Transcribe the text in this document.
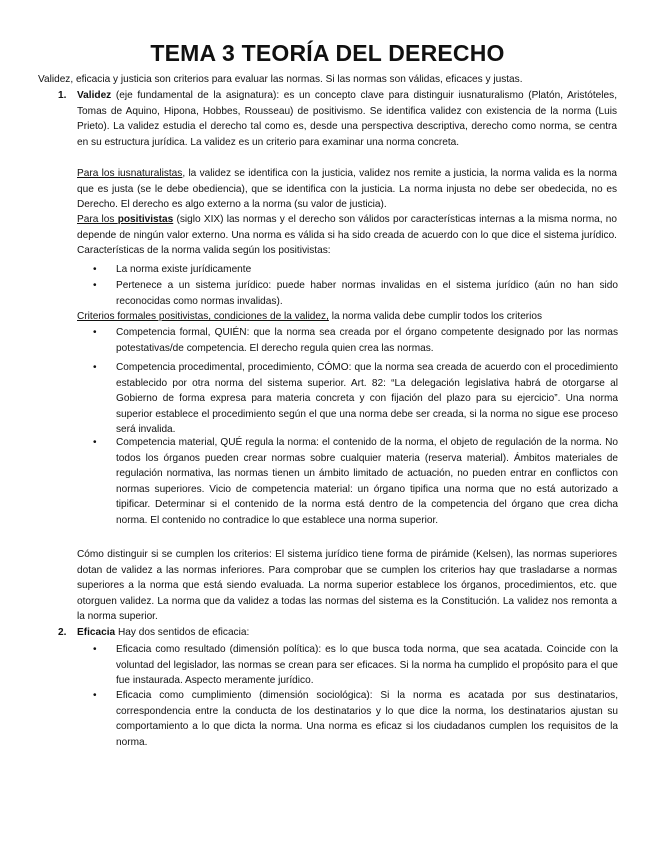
TEMA 3 TEORÍA DEL DERECHO
Validez, eficacia y justicia son criterios para evaluar las normas. Si las normas son válidas, eficaces y justas.
1. Validez (eje fundamental de la asignatura): es un concepto clave para distinguir iusnaturalismo (Platón, Aristóteles, Tomas de Aquino, Hipona, Hobbes, Rousseau) de positivismo. Se identifica validez con existencia de la norma (Luis Prieto). La validez estudia el derecho tal como es, desde una perspectiva descriptiva, derecho como norma, se centra en su estructura jurídica. La validez es un criterio para examinar una norma concreta.
Para los iusnaturalistas, la validez se identifica con la justicia, validez nos remite a justicia, la norma valida es la norma que es justa (se le debe obediencia), que se identifica con la justicia. La norma injusta no debe ser obedecida, no es Derecho. El derecho es algo externo a la norma (su valor de justicia).
Para los positivistas (siglo XIX) las normas y el derecho son válidos por características internas a la misma norma, no depende de ningún valor externo. Una norma es válida si ha sido creada de acuerdo con lo que dice el sistema jurídico. Características de la norma valida según los positivistas:
•	La norma existe jurídicamente
•	Pertenece a un sistema jurídico: puede haber normas invalidas en el sistema jurídico (aún no han sido reconocidas como normas invalidas).
Criterios formales positivistas, condiciones de la validez, la norma valida debe cumplir todos los criterios
•	Competencia formal, QUIÉN: que la norma sea creada por el órgano competente designado por las normas potestativas/de competencia. El derecho regula quien crea las normas.
•	Competencia procedimental, procedimiento, CÓMO: que la norma sea creada de acuerdo con el procedimiento establecido por otra norma del sistema superior. Art. 82: “La delegación legislativa habrá de otorgarse al Gobierno de forma expresa para materia concreta y con fijación del plazo para su ejercicio”. Una norma superior establece el procedimiento según el que una norma debe ser creada, si la norma no sigue ese proceso será invalida.
•	Competencia material, QUÉ regula la norma: el contenido de la norma, el objeto de regulación de la norma. No todos los órganos pueden crear normas sobre cualquier materia (reserva material). Ámbitos materiales de regulación normativa, las normas tienen un ámbito limitado de actuación, no pueden entrar en conflictos con normas superiores. Vicio de competencia material: un órgano tipifica una norma que no está autorizado a tipificar. Determinar si el contenido de la norma está dentro de la competencia del órgano que crea dicha norma. El contenido no contradice lo que establece una norma superior.
Cómo distinguir si se cumplen los criterios: El sistema jurídico tiene forma de pirámide (Kelsen), las normas superiores dotan de validez a las normas inferiores. Para comprobar que se cumplen los criterios hay que trasladarse a normas superiores a la norma que está siendo evaluada. La norma superior establece los órganos, procedimientos, etc. que otorguen validez. La norma que da validez a todas las normas del sistema es la Constitución. La validez nos remonta a la norma superior.
2. Eficacia Hay dos sentidos de eficacia:
•	Eficacia como resultado (dimensión política): es lo que busca toda norma, que sea acatada. Coincide con la voluntad del legislador, las normas se crean para ser eficaces. Si la norma ha cumplido el propósito para el que fue instaurada. Aspecto meramente jurídico.
•	Eficacia como cumplimiento (dimensión sociológica): Si la norma es acatada por sus destinatarios, correspondencia entre la conducta de los destinatarios y lo que dice la norma, los destinatarios ajustan su comportamiento a lo que dicta la norma. Una norma es eficaz si los ciudadanos cumplen los requisitos de la norma.
